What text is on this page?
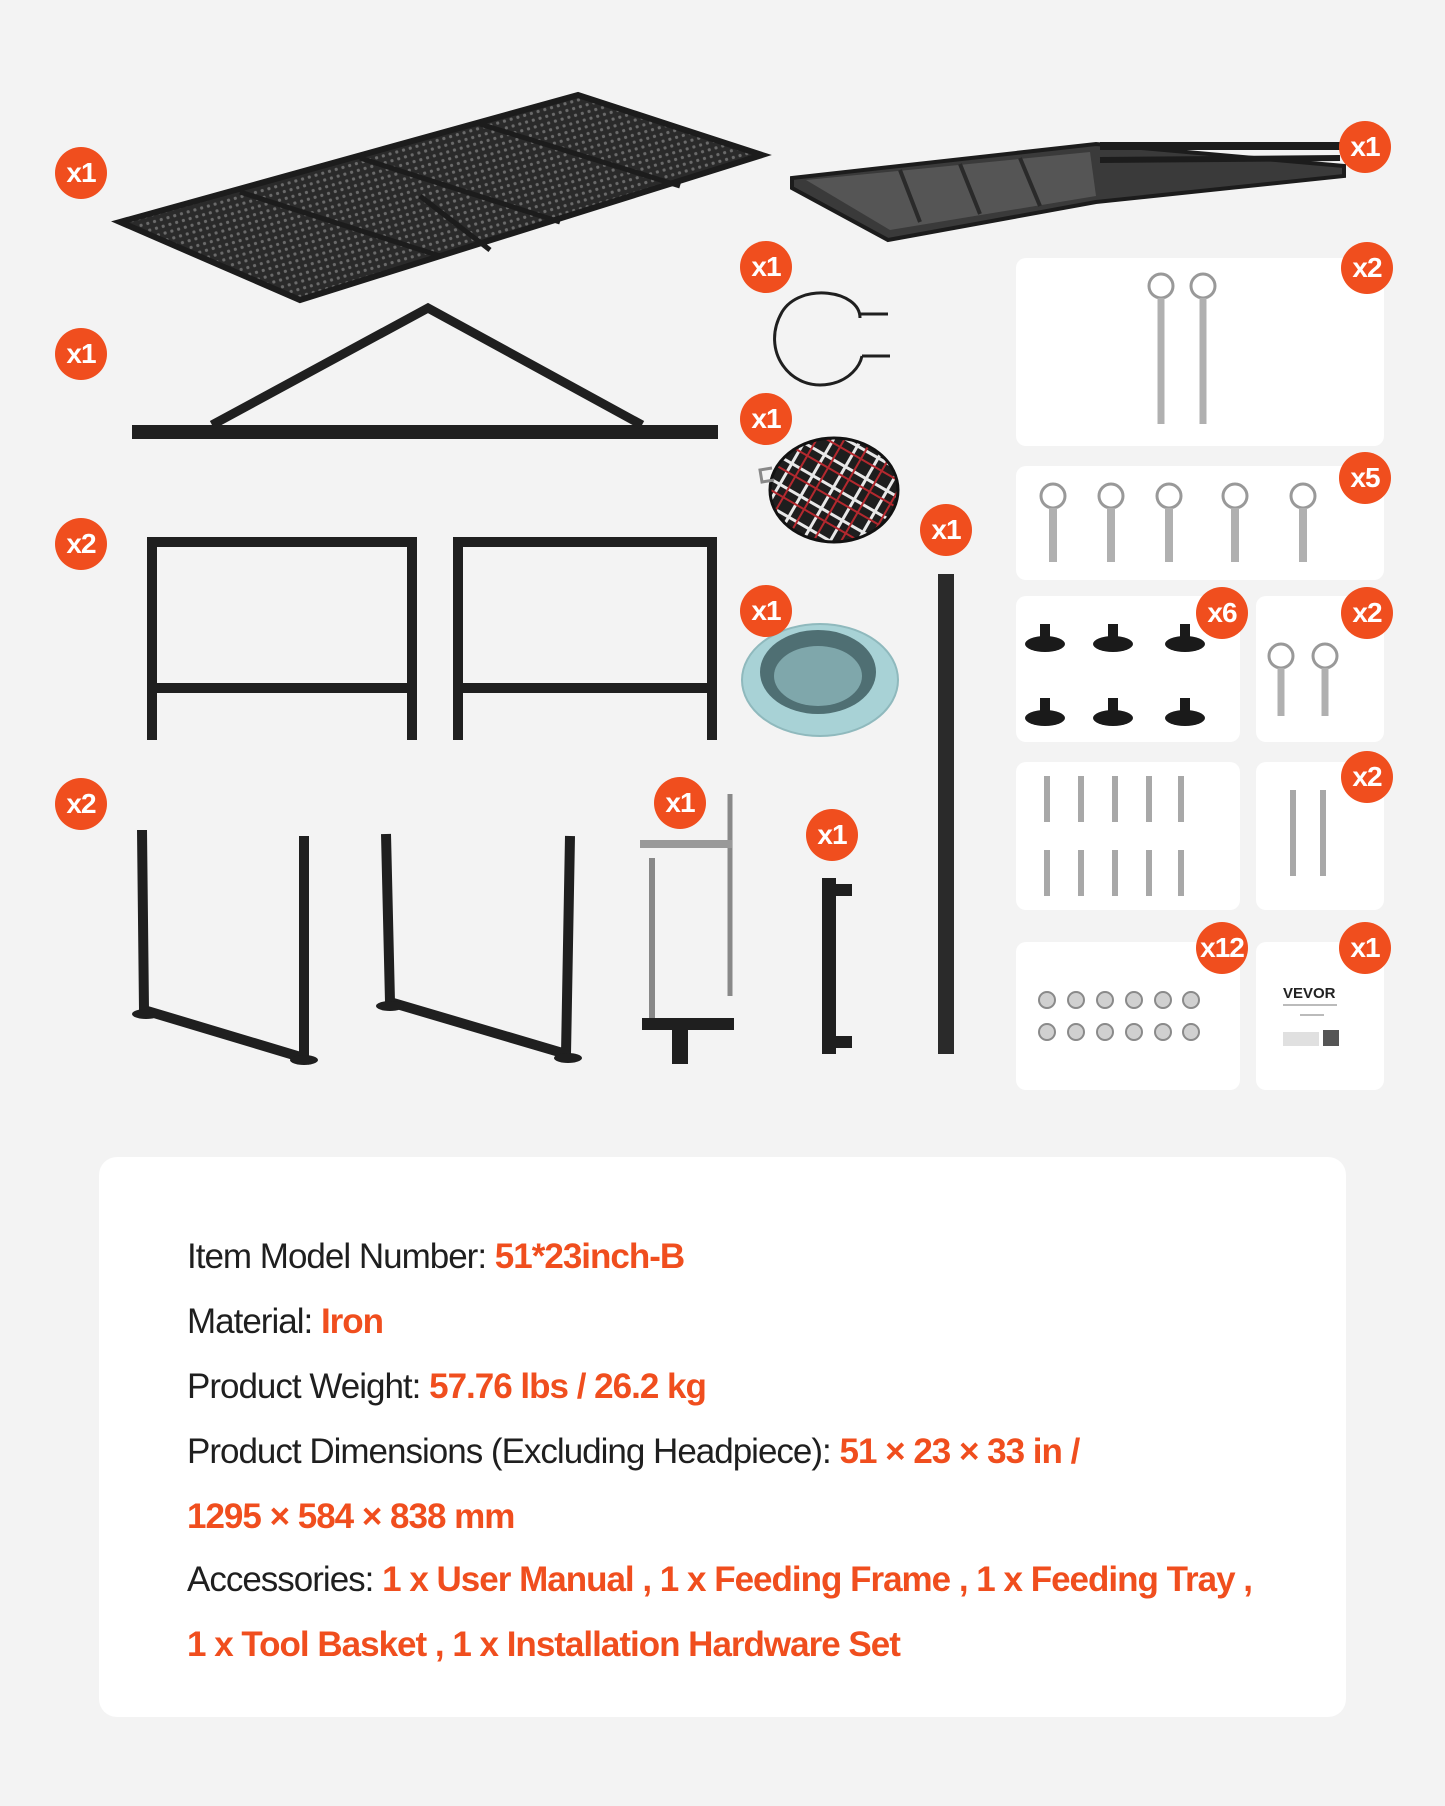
VEVOR
x1
x1
x1
x1
x1
x1
x2
x2	x1
x1
x1
x2
x5
x6	x2
x2
x12	x1
Item Model Number: 51*23inch-B
Material: Iron
Product Weight: 57.76 lbs / 26.2 kg
Product Dimensions (Excluding Headpiece): 51 × 23 × 33 in /
1295 × 584 × 838 mm
Accessories: 1 x User Manual , 1 x Feeding Frame , 1 x Feeding Tray ,
1 x Tool Basket , 1 x Installation Hardware Set
